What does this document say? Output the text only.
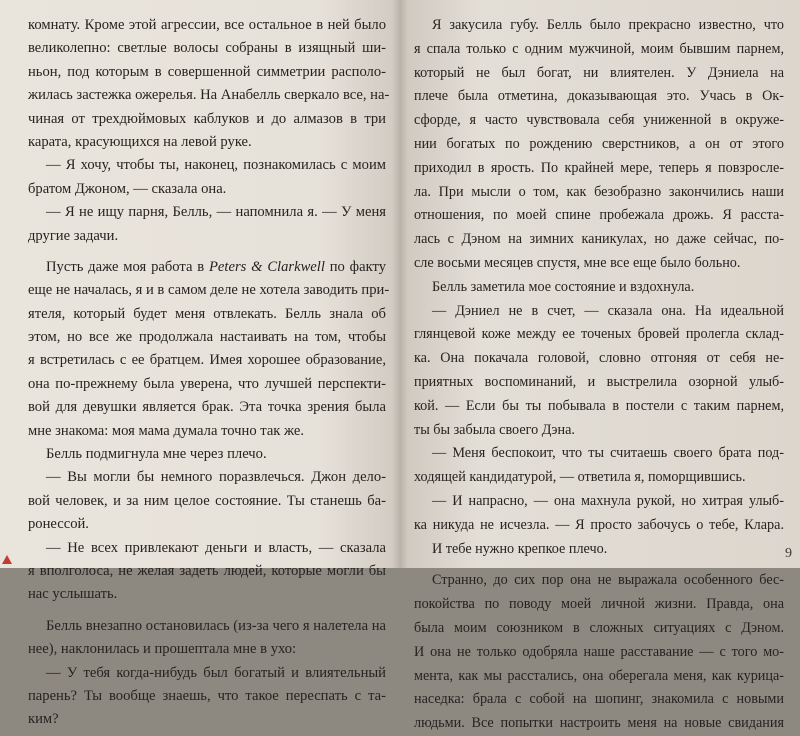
комнату. Кроме этой агрессии, все остальное в ней было
великолепно: светлые волосы собраны в изящный ши-
ньон, под которым в совершенной симметрии располо-
жилась застежка ожерелья. На Анабелль сверкало все, на-
чиная от трехдюймовых каблуков и до алмазов в три
карата, красующихся на левой руке.
— Я хочу, чтобы ты, наконец, познакомилась с моим
братом Джоном, — сказала она.
— Я не ищу парня, Белль, — напомнила я. — У меня
другие задачи.
Пусть даже моя работа в Peters & Clarkwell по факту
еще не началась, я и в самом деле не хотела заводить при-
ятеля, который будет меня отвлекать. Белль знала об
этом, но все же продолжала настаивать на том, чтобы
я встретилась с ее братцем. Имея хорошее образование,
она по-прежнему была уверена, что лучшей перспекти-
вой для девушки является брак. Эта точка зрения была
мне знакома: моя мама думала точно так же.
Белль подмигнула мне через плечо.
— Вы могли бы немного поразвлечься. Джон дело-
вой человек, и за ним целое состояние. Ты станешь ба-
ронессой.
— Не всех привлекают деньги и власть, — сказала
я вполголоса, не желая задеть людей, которые могли бы
нас услышать.
Белль внезапно остановилась (из-за чего я налетела на
нее), наклонилась и прошептала мне в ухо:
— У тебя когда-нибудь был богатый и влиятельный
парень? Ты вообще знаешь, что такое переспать с та-
ким?
Я закусила губу. Белль было прекрасно известно, что
я спала только с одним мужчиной, моим бывшим парнем,
который не был богат, ни влиятелен. У Дэниела на
плече была отметина, доказывающая это. Учась в Ок-
сфорде, я часто чувствовала себя униженной в окруже-
нии богатых по рождению сверстников, а он от этого
приходил в ярость. По крайней мере, теперь я повзросле-
ла. При мысли о том, как безобразно закончились наши
отношения, по моей спине пробежала дрожь. Я расста-
лась с Дэном на зимних каникулах, но даже сейчас, по-
сле восьми месяцев спустя, мне все еще было больно.
Белль заметила мое состояние и вздохнула.
— Дэниел не в счет, — сказала она. На идеальной
глянцевой коже между ее точеных бровей пролегла склад-
ка. Она покачала головой, словно отгоняя от себя не-
приятных воспоминаний, и выстрелила озорной улыб-
кой. — Если бы ты побывала в постели с таким парнем,
ты бы забыла своего Дэна.
— Меня беспокоит, что ты считаешь своего брата под-
ходящей кандидатурой, — ответила я, поморщившись.
— И напрасно, — она махнула рукой, но хитрая улыб-
ка никуда не исчезла. — Я просто забочусь о тебе, Клара.
И тебе нужно крепкое плечо.
Странно, до сих пор она не выражала особенного бес-
покойства по поводу моей личной жизни. Правда, она
была моим союзником в сложных ситуациях с Дэном.
И она не только одобряла наше расставание — с того мо-
мента, как мы расстались, она оберегала меня, как курица-
наседка: брала с собой на шопинг, знакомила с новыми
людьми. Все попытки настроить меня на новые свидания
9
